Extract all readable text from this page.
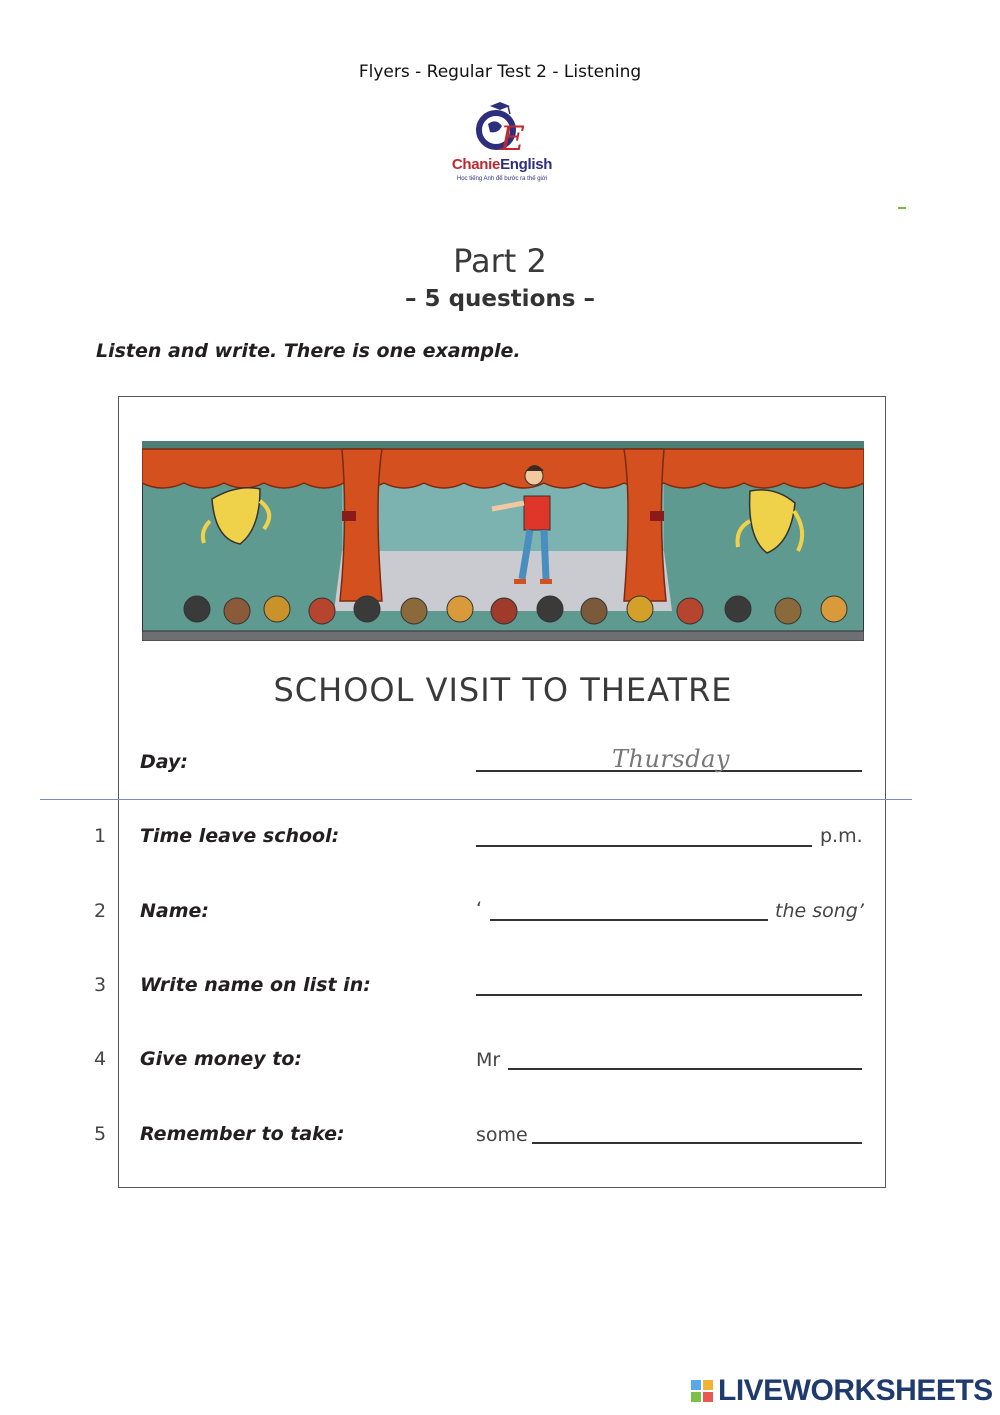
Flyers - Regular Test 2 - Listening
E
ChanieEnglish
Học tiếng Anh để bước ra thế giới
Part 2
– 5 questions –
Listen and write. There is one example.
SCHOOL VISIT TO THEATRE
Day:	Thursday
1 Time leave school:	p.m.
2 Name:	‘	the song’
3 Write name on list in:
4 Give money to:	Mr
5 Remember to take:	some
LIVEWORKSHEETS
